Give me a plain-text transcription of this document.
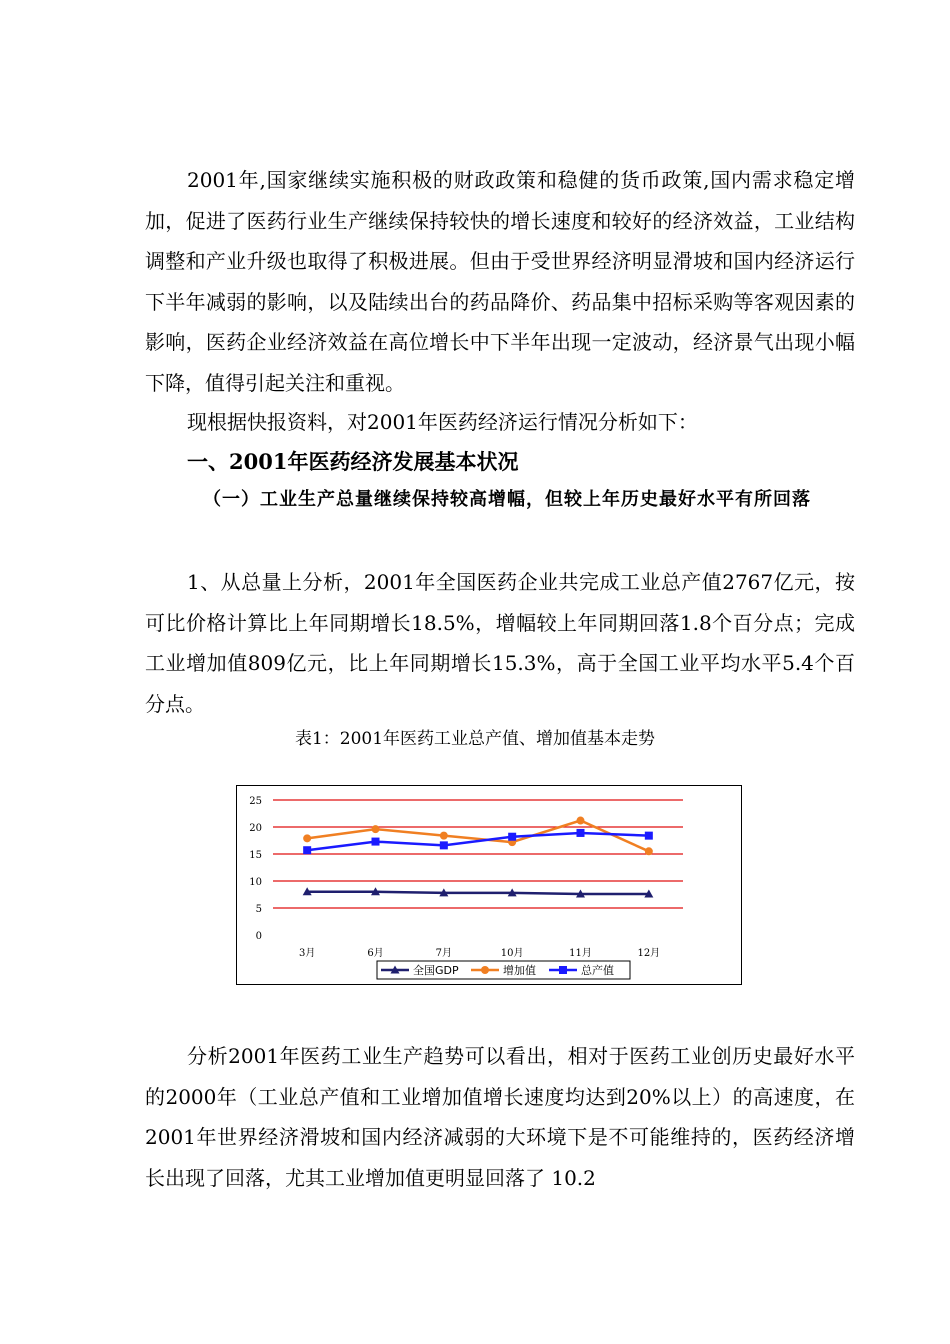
2001年,国家继续实施积极的财政政策和稳健的货币政策,国内需求稳定增加，促进了医药行业生产继续保持较快的增长速度和较好的经济效益，工业结构调整和产业升级也取得了积极进展。但由于受世界经济明显滑坡和国内经济运行下半年减弱的影响，以及陆续出台的药品降价、药品集中招标采购等客观因素的影响，医药企业经济效益在高位增长中下半年出现一定波动，经济景气出现小幅下降，值得引起关注和重视。

现根据快报资料，对2001年医药经济运行情况分析如下：

一、2001年医药经济发展基本状况
（一）工业生产总量继续保持较高增幅，但较上年历史最好水平有所回落

1、从总量上分析，2001年全国医药企业共完成工业总产值2767亿元，按可比价格计算比上年同期增长18.5%，增幅较上年同期回落1.8个百分点；完成工业增加值809亿元，比上年同期增长15.3%，高于全国工业平均水平5.4个百分点。

表1：2001年医药工业总产值、增加值基本走势

25
20
15
10
5
0
3月	6月	7月	10月	11月	12月
全国GDP	增加值	总产值

分析2001年医药工业生产趋势可以看出，相对于医药工业创历史最好水平的2000年（工业总产值和工业增加值增长速度均达到20%以上）的高速度，在2001年世界经济滑坡和国内经济减弱的大环境下是不可能维持的，医药经济增长出现了回落，尤其工业增加值更明显回落了 10.2
